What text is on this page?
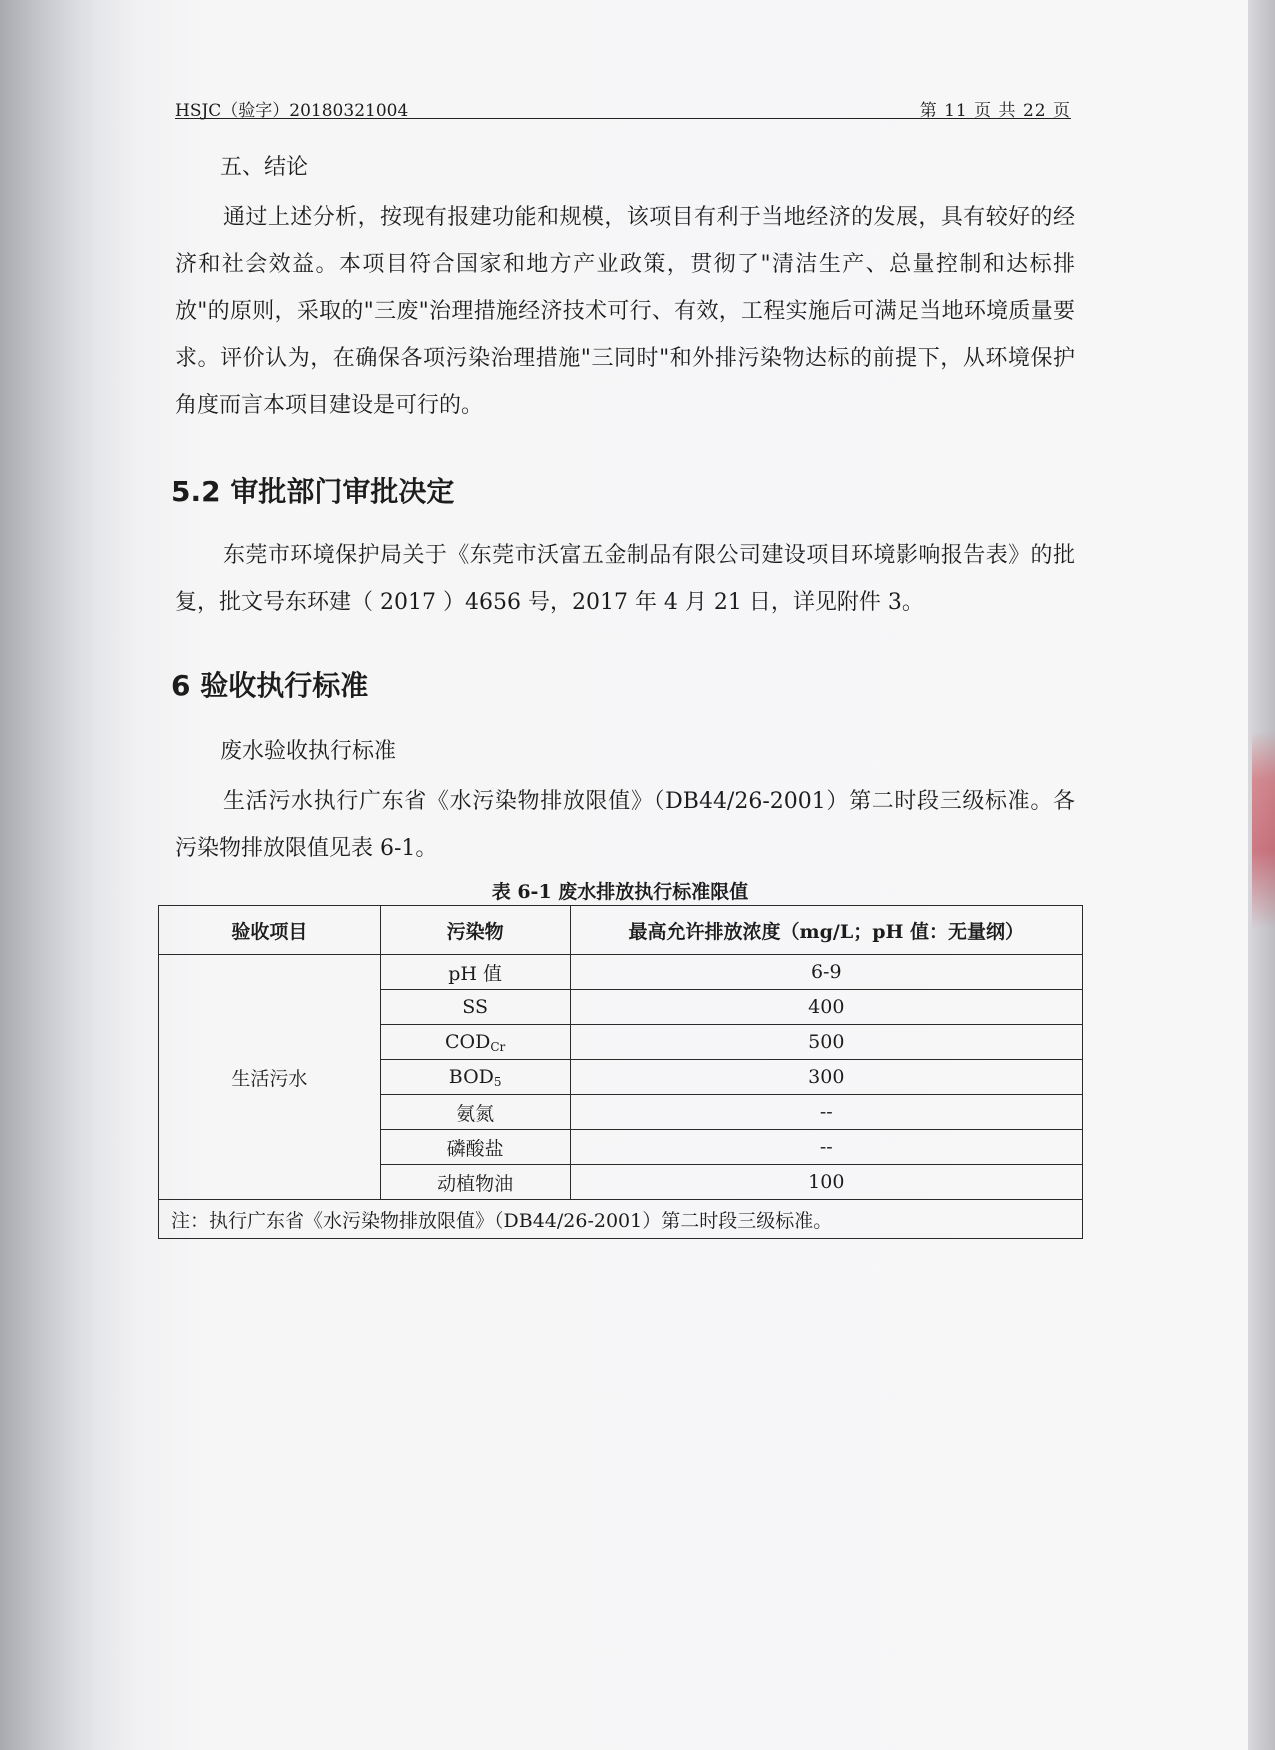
HSJC（验字）20180321004	第 11 页 共 22 页
五、结论
通过上述分析，按现有报建功能和规模，该项目有利于当地经济的发展，具有较好的经济和社会效益。本项目符合国家和地方产业政策，贯彻了"清洁生产、总量控制和达标排放"的原则，采取的"三废"治理措施经济技术可行、有效，工程实施后可满足当地环境质量要求。评价认为，在确保各项污染治理措施"三同时"和外排污染物达标的前提下，从环境保护角度而言本项目建设是可行的。
5.2 审批部门审批决定
东莞市环境保护局关于《东莞市沃富五金制品有限公司建设项目环境影响报告表》的批复，批文号东环建（ 2017 ）4656 号，2017 年 4 月 21 日，详见附件 3。
6 验收执行标准
废水验收执行标准
生活污水执行广东省《水污染物排放限值》（DB44/26-2001）第二时段三级标准。各污染物排放限值见表 6-1。
表 6-1 废水排放执行标准限值
验收项目	污染物	最高允许排放浓度（mg/L；pH 值：无量纲）
生活污水	pH 值	6-9
	SS	400
	$COD_{Cr}$	500
	$BOD_5$	300
	氨氮	--
	磷酸盐	--
	动植物油	100
注：执行广东省《水污染物排放限值》（DB44/26-2001）第二时段三级标准。		
